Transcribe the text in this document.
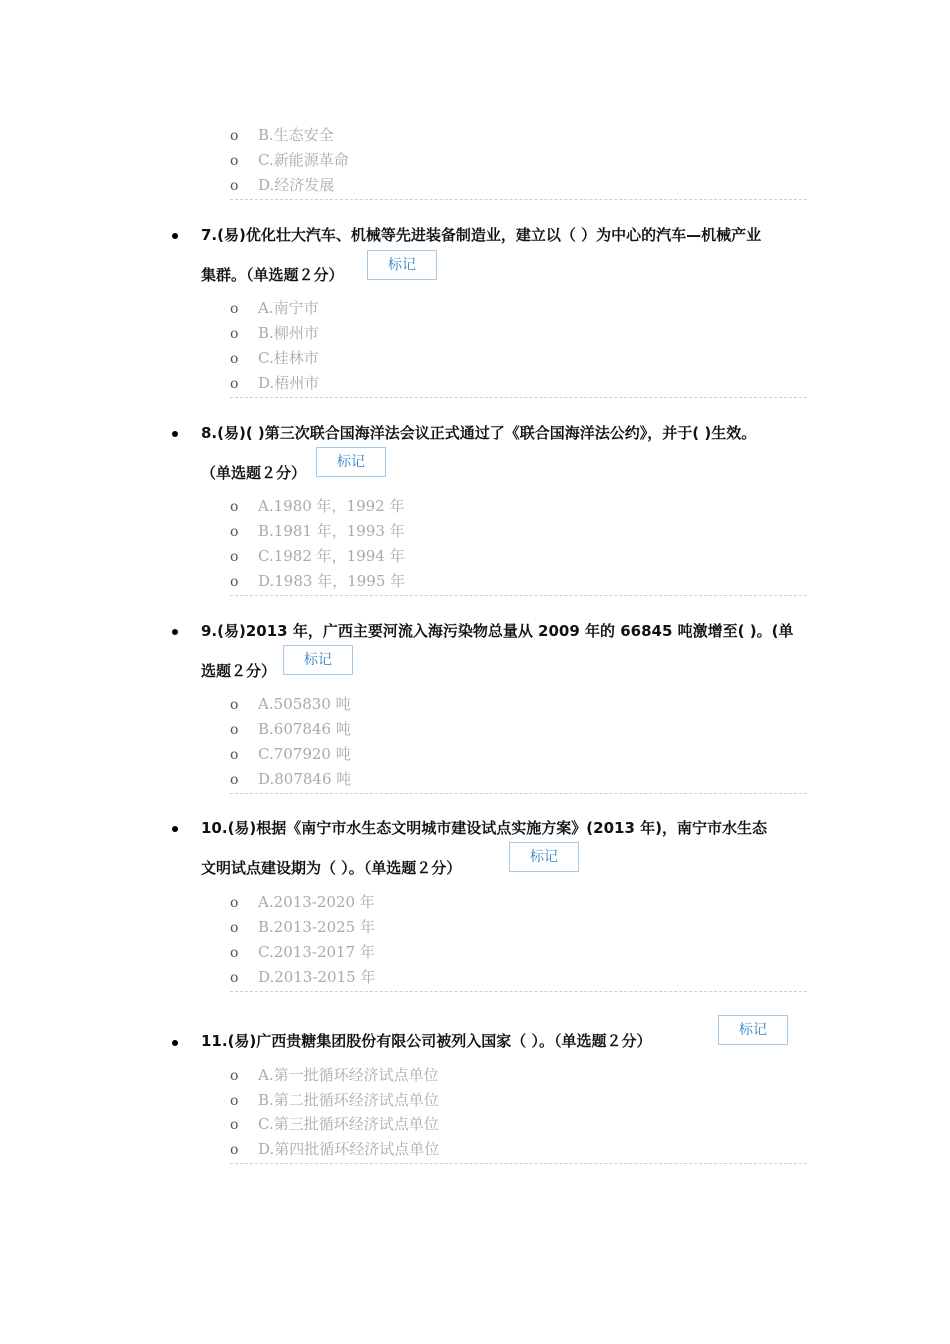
o B.生态安全
o C.新能源革命
o D.经济发展
7.(易)优化壮大汽车、机械等先进装备制造业，建立以（ ）为中心的汽车—机械产业
集群。（单选题２分）
标记
o A.南宁市
o B.柳州市
o C.桂林市
o D.梧州市
8.(易)( )第三次联合国海洋法会议正式通过了《联合国海洋法公约》，并于( )生效。
（单选题２分）
标记
o A.1980 年，1992 年
o B.1981 年，1993 年
o C.1982 年，1994 年
o D.1983 年，1995 年
9.(易)2013 年，广西主要河流入海污染物总量从 2009 年的 66845 吨激增至( )。(单
选题２分）
标记
o A.505830 吨
o B.607846 吨
o C.707920 吨
o D.807846 吨
10.(易)根据《南宁市水生态文明城市建设试点实施方案》(2013 年)，南宁市水生态
文明试点建设期为（ ）。（单选题２分）
标记
o A.2013-2020 年
o B.2013-2025 年
o C.2013-2017 年
o D.2013-2015 年
11.(易)广西贵糖集团股份有限公司被列入国家（ ）。（单选题２分）
标记
o A.第一批循环经济试点单位
o B.第二批循环经济试点单位
o C.第三批循环经济试点单位
o D.第四批循环经济试点单位
